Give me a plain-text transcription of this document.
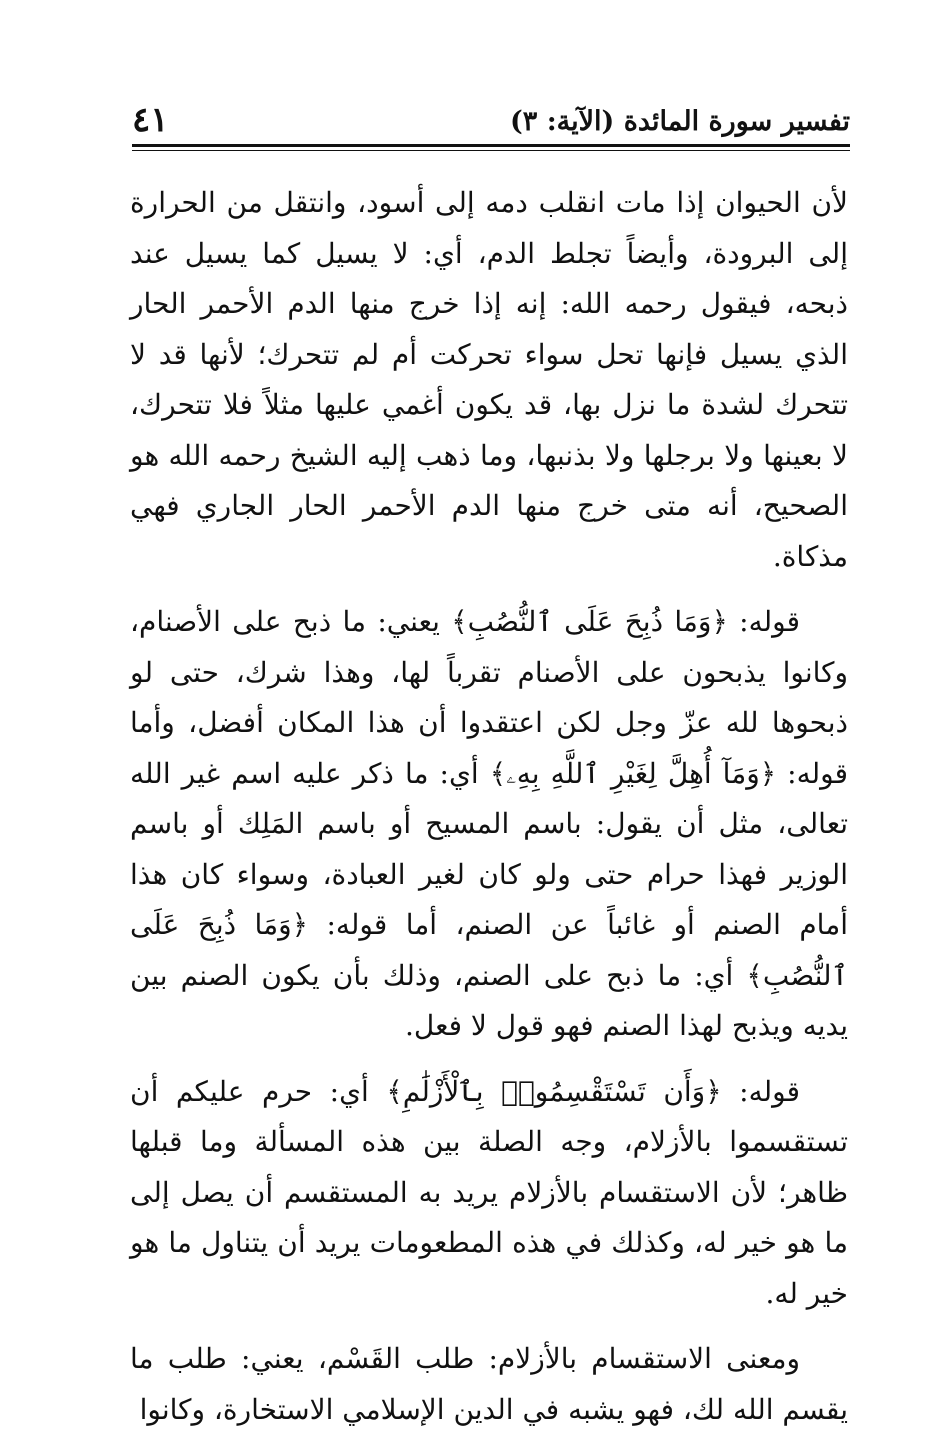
تفسير سورة المائدة (الآية: ٣)
٤١

لأن الحيوان إذا مات انقلب دمه إلى أسود، وانتقل من الحرارة إلى البرودة، وأيضاً تجلط الدم، أي: لا يسيل كما يسيل عند ذبحه، فيقول رحمه الله: إنه إذا خرج منها الدم الأحمر الحار الذي يسيل فإنها تحل سواء تحركت أم لم تتحرك؛ لأنها قد لا تتحرك لشدة ما نزل بها، قد يكون أغمي عليها مثلاً فلا تتحرك، لا بعينها ولا برجلها ولا بذنبها، وما ذهب إليه الشيخ رحمه الله هو الصحيح، أنه متى خرج منها الدم الأحمر الحار الجاري فهي مذكاة.

قوله: ﴿وَمَا ذُبِحَ عَلَى ٱلنُّصُبِ﴾ يعني: ما ذبح على الأصنام، وكانوا يذبحون على الأصنام تقرباً لها، وهذا شرك، حتى لو ذبحوها لله عزّ وجل لكن اعتقدوا أن هذا المكان أفضل، وأما قوله: ﴿وَمَآ أُهِلَّ لِغَيْرِ ٱللَّهِ بِهِۦ﴾ أي: ما ذكر عليه اسم غير الله تعالى، مثل أن يقول: باسم المسيح أو باسم المَلِك أو باسم الوزير فهذا حرام حتى ولو كان لغير العبادة، وسواء كان هذا أمام الصنم أو غائباً عن الصنم، أما قوله: ﴿وَمَا ذُبِحَ عَلَى ٱلنُّصُبِ﴾ أي: ما ذبح على الصنم، وذلك بأن يكون الصنم بين يديه ويذبح لهذا الصنم فهو قول لا فعل.

قوله: ﴿وَأَن تَسْتَقْسِمُوا۟ بِٱلْأَزْلَٰمِ﴾ أي: حرم عليكم أن تستقسموا بالأزلام، وجه الصلة بين هذه المسألة وما قبلها ظاهر؛ لأن الاستقسام بالأزلام يريد به المستقسم أن يصل إلى ما هو خير له، وكذلك في هذه المطعومات يريد أن يتناول ما هو خير له.

ومعنى الاستقسام بالأزلام: طلب القَسْم، يعني: طلب ما يقسم الله لك، فهو يشبه في الدين الإسلامي الاستخارة، وكانوا
